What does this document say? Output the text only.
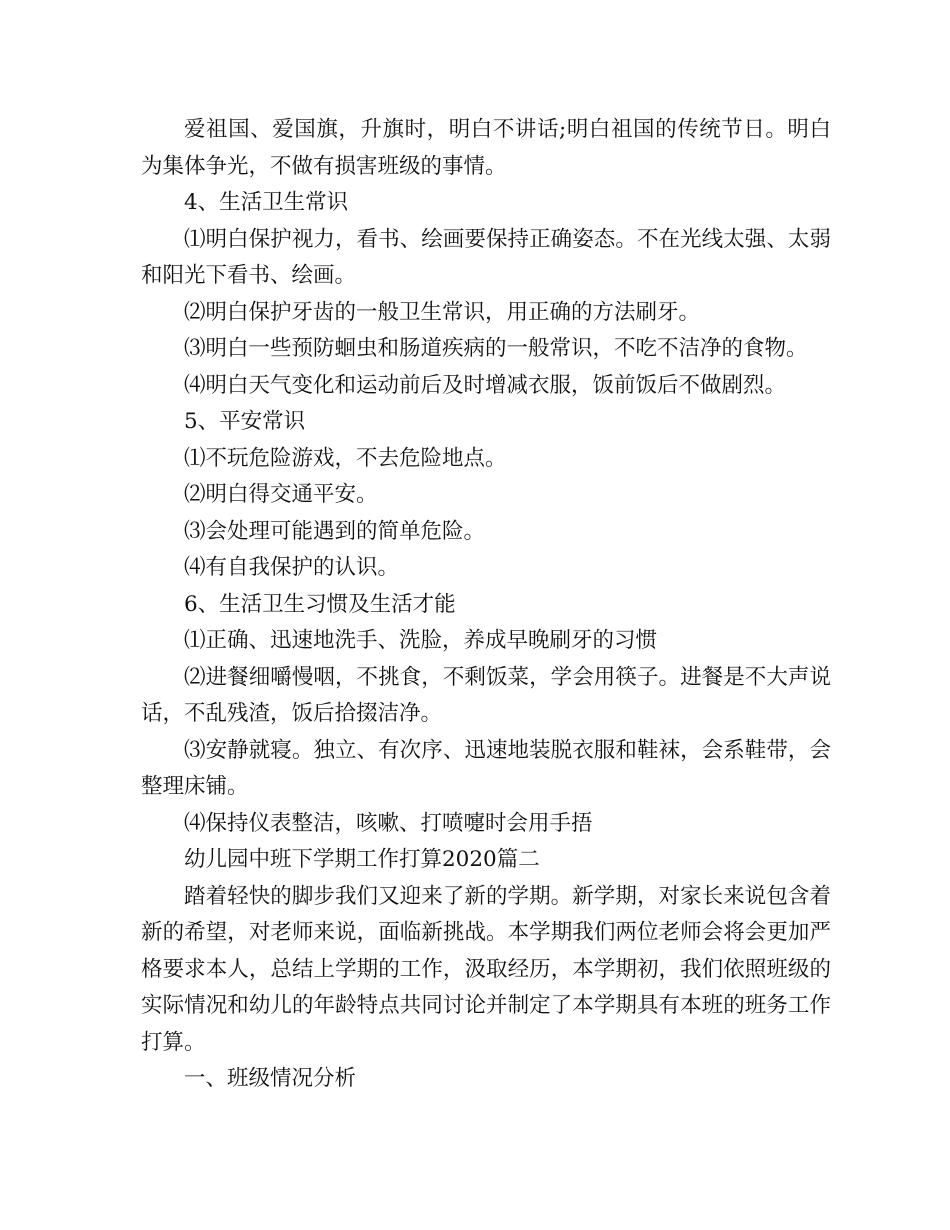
爱祖国、爱国旗，升旗时，明白不讲话;明白祖国的传统节日。明白为集体争光，不做有损害班级的事情。

4、生活卫生常识

⑴明白保护视力，看书、绘画要保持正确姿态。不在光线太强、太弱和阳光下看书、绘画。

⑵明白保护牙齿的一般卫生常识，用正确的方法刷牙。

⑶明白一些预防蛔虫和肠道疾病的一般常识，不吃不洁净的食物。

⑷明白天气变化和运动前后及时增减衣服，饭前饭后不做剧烈。

5、平安常识

⑴不玩危险游戏，不去危险地点。

⑵明白得交通平安。

⑶会处理可能遇到的简单危险。

⑷有自我保护的认识。

6、生活卫生习惯及生活才能

⑴正确、迅速地洗手、洗脸，养成早晚刷牙的习惯

⑵进餐细嚼慢咽，不挑食，不剩饭菜，学会用筷子。进餐是不大声说话，不乱残渣，饭后拾掇洁净。

⑶安静就寝。独立、有次序、迅速地装脱衣服和鞋袜，会系鞋带，会整理床铺。

⑷保持仪表整洁，咳嗽、打喷嚏时会用手捂

幼儿园中班下学期工作打算2020篇二

踏着轻快的脚步我们又迎来了新的学期。新学期，对家长来说包含着新的希望，对老师来说，面临新挑战。本学期我们两位老师会将会更加严格要求本人，总结上学期的工作，汲取经历，本学期初，我们依照班级的实际情况和幼儿的年龄特点共同讨论并制定了本学期具有本班的班务工作打算。

一、班级情况分析
